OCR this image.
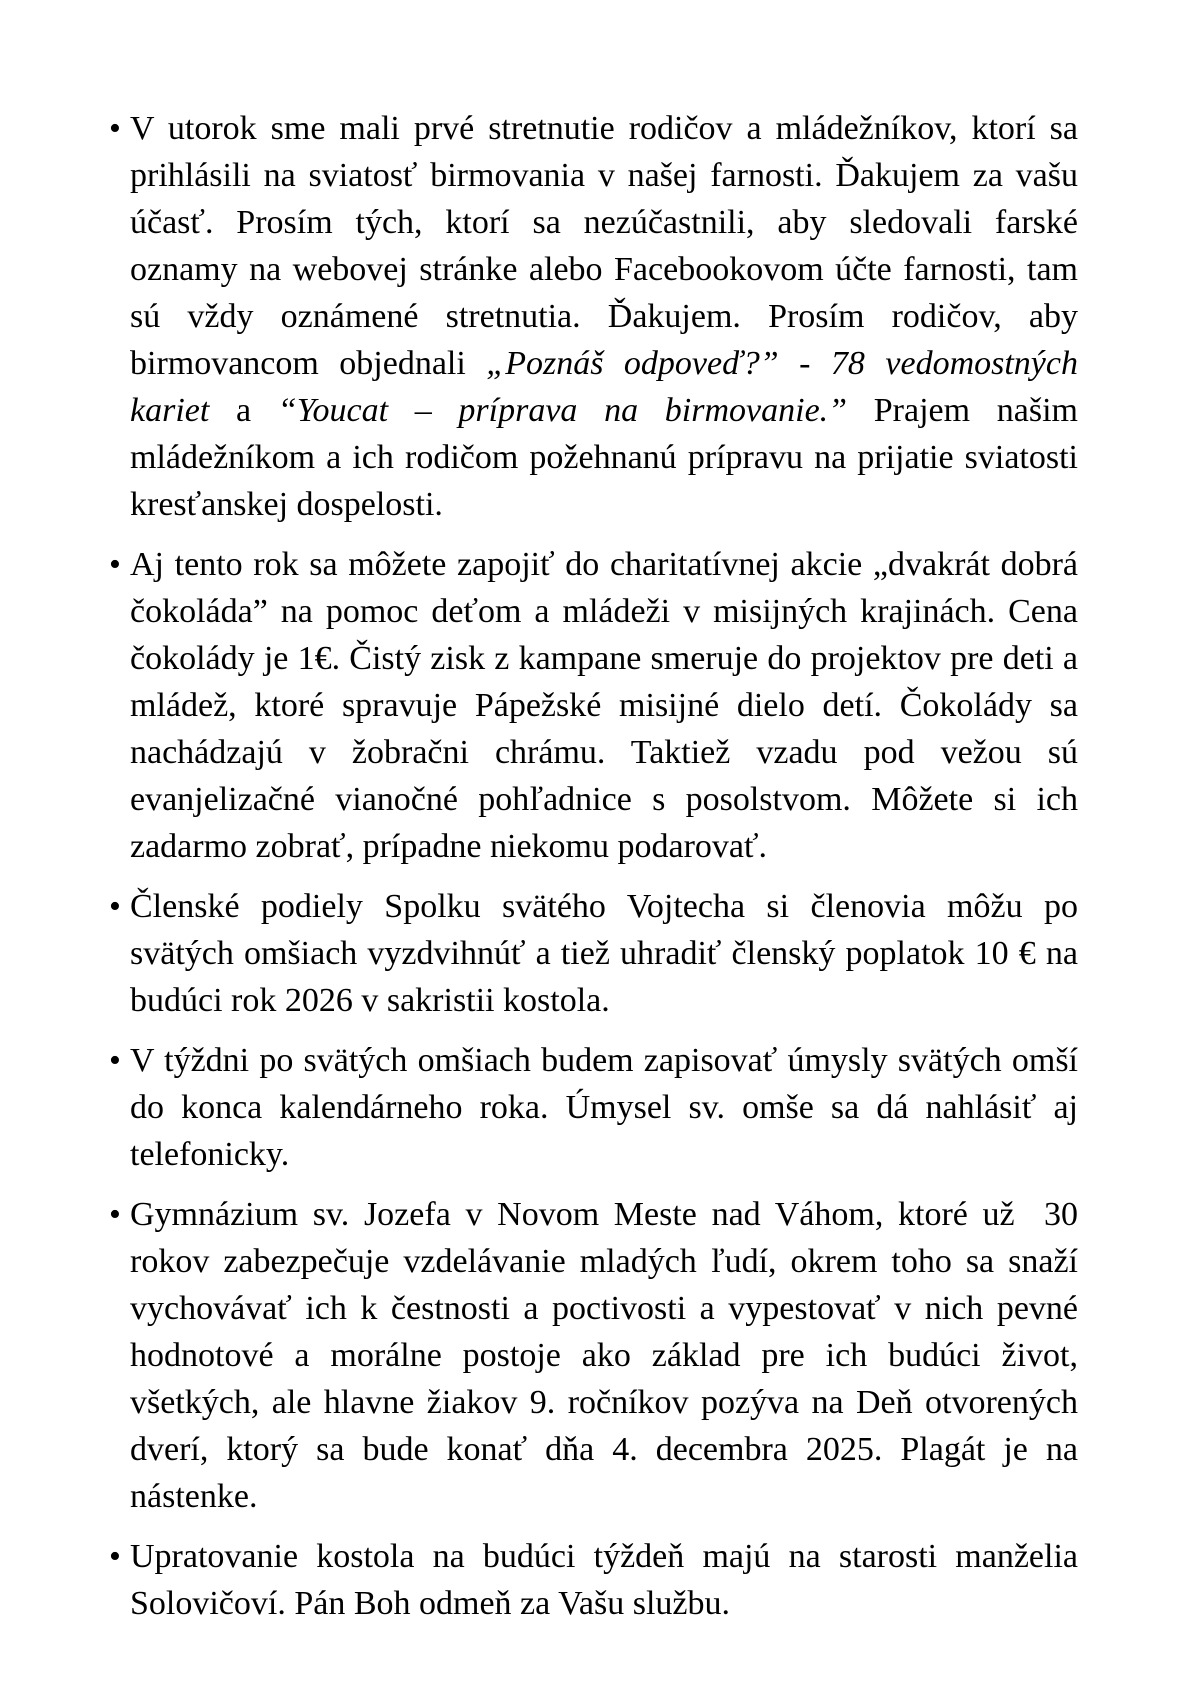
• V utorok sme mali prvé stretnutie rodičov a mládežníkov, ktorí sa prihlásili na sviatosť birmovania v našej farnosti. Ďakujem za vašu účasť. Prosím tých, ktorí sa nezúčastnili, aby sledovali farské oznamy na webovej stránke alebo Facebookovom účte farnosti, tam sú vždy oznámené stretnutia. Ďakujem. Prosím rodičov, aby birmovancom objednali „Poznáš odpoveď?” - 78 vedomostných kariet a “Youcat – príprava na birmovanie.” Prajem našim mládežníkom a ich rodičom požehnanú prípravu na prijatie sviatosti kresťanskej dospelosti.
• Aj tento rok sa môžete zapojiť do charitatívnej akcie „dvakrát dobrá čokoláda” na pomoc deťom a mládeži v misijných krajinách. Cena čokolády je 1€. Čistý zisk z kampane smeruje do projektov pre deti a mládež, ktoré spravuje Pápežské misijné dielo detí. Čokolády sa nachádzajú v žobračni chrámu. Taktiež vzadu pod vežou sú evanjelizačné vianočné pohľadnice s posolstvom. Môžete si ich zadarmo zobrať, prípadne niekomu podarovať.
• Členské podiely Spolku svätého Vojtecha si členovia môžu po svätých omšiach vyzdvihnúť a tiež uhradiť členský poplatok 10 € na budúci rok 2026 v sakristii kostola.
• V týždni po svätých omšiach budem zapisovať úmysly svätých omší do konca kalendárneho roka. Úmysel sv. omše sa dá nahlásiť aj telefonicky.
• Gymnázium sv. Jozefa v Novom Meste nad Váhom, ktoré už  30 rokov zabezpečuje vzdelávanie mladých ľudí, okrem toho sa snaží vychovávať ich k čestnosti a poctivosti a vypestovať v nich pevné hodnotové a morálne postoje ako základ pre ich budúci život, všetkých, ale hlavne žiakov 9. ročníkov pozýva na Deň otvorených dverí, ktorý sa bude konať dňa 4. decembra 2025. Plagát je na nástenke.
• Upratovanie kostola na budúci týždeň majú na starosti manželia Solovičoví. Pán Boh odmeň za Vašu službu.
